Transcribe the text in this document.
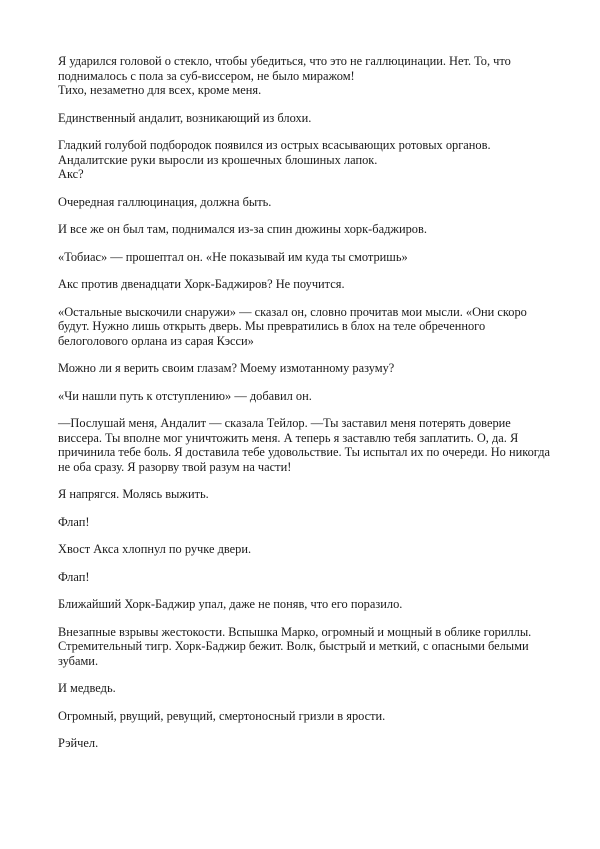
Я ударился головой о стекло, чтобы убедиться, что это не галлюцинации. Нет. То, что
поднималось с пола за суб-виссером, не было миражом!
Тихо, незаметно для всех, кроме меня.

Единственный андалит, возникающий из блохи.

Гладкий голубой подбородок появился из острых всасывающих ротовых органов.
Андалитские руки выросли из крошечных блошиных лапок.
Акс?

Очередная галлюцинация, должна быть.

И все же он был там, поднимался из-за спин дюжины хорк-баджиров.

«Тобиас» — прошептал он. «Не показывай им куда ты смотришь»

Акс против двенадцати Хорк-Баджиров? Не поучится.

«Остальные выскочили снаружи» — сказал он, словно прочитав мои мысли. «Они скоро
будут. Нужно лишь открыть дверь. Мы превратились в блох на теле обреченного
белоголового орлана из сарая Кэсси»

Можно ли я верить своим глазам? Моему измотанному разуму?

«Чи нашли путь к отступлению» — добавил он.

—Послушай меня, Андалит — сказала Тейлор. —Ты заставил меня потерять доверие
виссера. Ты вполне мог уничтожить меня. А теперь я заставлю тебя заплатить. О, да. Я
причинила тебе боль. Я доставила тебе удовольствие. Ты испытал их по очереди. Но никогда
не оба сразу. Я разорву твой разум на части!

Я напрягся. Молясь выжить.

Флап!

Хвост Акса хлопнул по ручке двери.

Флап!

Ближайший Хорк-Баджир упал, даже не поняв, что его поразило.

Внезапные взрывы жестокости. Вспышка Марко, огромный и мощный в облике гориллы.
Стремительный тигр. Хорк-Баджир бежит. Волк, быстрый и меткий, с опасными белыми
зубами.

И медведь.

Огромный, рвущий, ревущий, смертоносный гризли в ярости.

Рэйчел.
